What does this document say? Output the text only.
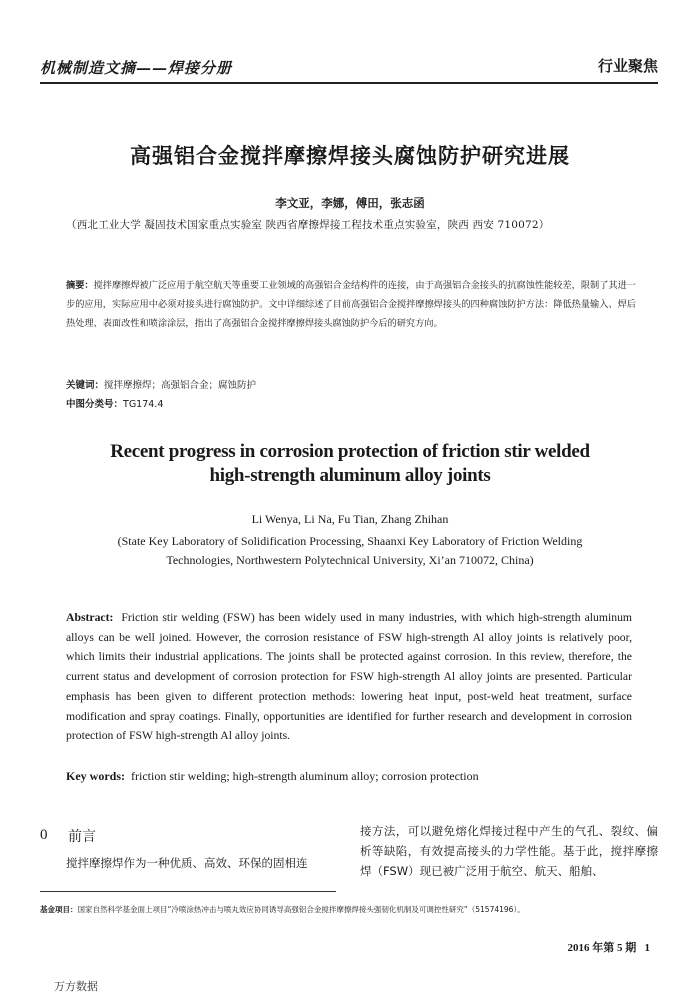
机械制造文摘——焊接分册	行业聚焦
高强铝合金搅拌摩擦焊接头腐蚀防护研究进展
李文亚，李娜，傅田，张志函
（西北工业大学 凝固技术国家重点实验室 陕西省摩擦焊接工程技术重点实验室，陕西 西安 710072）

摘要：搅拌摩擦焊被广泛应用于航空航天等重要工业领域的高强铝合金结构件的连接，由于高强铝合金接头的抗腐蚀性能较差，限制了其进一步的应用，实际应用中必须对接头进行腐蚀防护。文中详细综述了目前高强铝合金搅拌摩擦焊接头的四种腐蚀防护方法：降低热量输入、焊后热处理、表面改性和喷涂涂层，指出了高强铝合金搅拌摩擦焊接头腐蚀防护今后的研究方向。

关键词：搅拌摩擦焊；高强铝合金；腐蚀防护
中图分类号：TG174.4
Recent progress in corrosion protection of friction stir welded
high-strength aluminum alloy joints
Li Wenya, Li Na, Fu Tian, Zhang Zhihan
(State Key Laboratory of Solidification Processing, Shaanxi Key Laboratory of Friction Welding
Technologies, Northwestern Polytechnical University, Xi’an 710072, China)

Abstract: Friction stir welding (FSW) has been widely used in many industries, with which high-strength aluminum alloys can be well joined. However, the corrosion resistance of FSW high-strength Al alloy joints is relatively poor, which limits their industrial applications. The joints shall be protected against corrosion. In this review, therefore, the current status and development of corrosion protection for FSW high-strength Al alloy joints are presented. Particular emphasis has been given to different protection methods: lowering heat input, post-weld heat treatment, surface modification and spray coatings. Finally, opportunities are identified for further research and development in corrosion protection of FSW high-strength Al alloy joints.

Key words: friction stir welding; high-strength aluminum alloy; corrosion protection
0 前言
搅拌摩擦焊作为一种优质、高效、环保的固相连

接方法，可以避免熔化焊接过程中产生的气孔、裂纹、偏析等缺陷，有效提高接头的力学性能。基于此，搅拌摩擦焊（FSW）现已被广泛用于航空、航天、船舶、

基金项目：国家自然科学基金面上项目“冷喷涂热冲击与喷丸效应协同诱导高强铝合金搅拌摩擦焊接头强韧化机制及可调控性研究”（51574196）。
2016 年第 5 期 1
万方数据
